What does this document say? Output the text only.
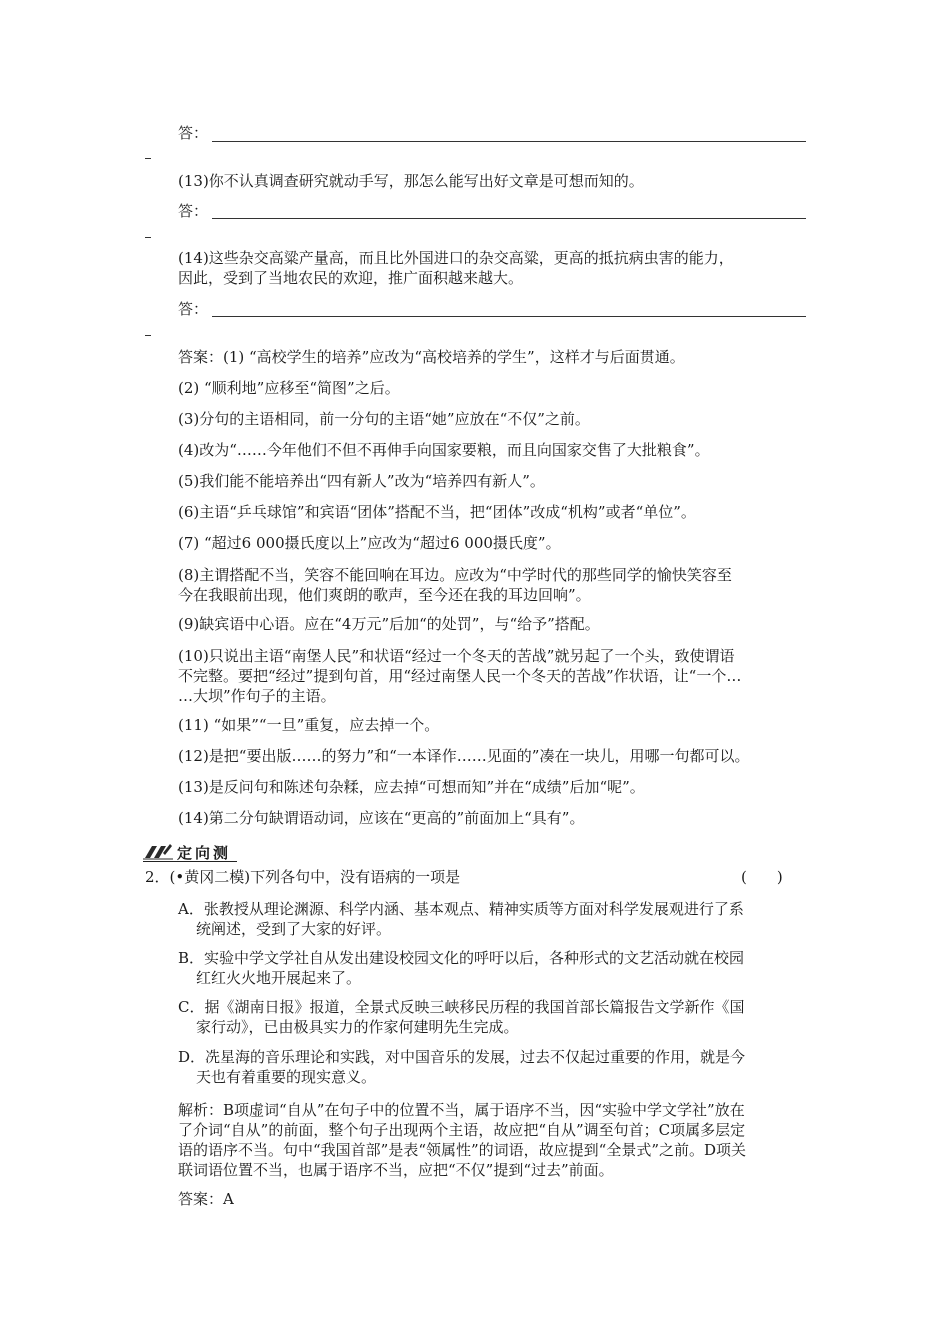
答：
(13)你不认真调查研究就动手写，那怎么能写出好文章是可想而知的。
答：
(14)这些杂交高粱产量高，而且比外国进口的杂交高粱，更高的抵抗病虫害的能力，
因此，受到了当地农民的欢迎，推广面积越来越大。
答：
答案：(1) “高校学生的培养”应改为“高校培养的学生”，这样才与后面贯通。
(2) “顺利地”应移至“简图”之后。
(3)分句的主语相同，前一分句的主语“她”应放在“不仅”之前。
(4)改为“……今年他们不但不再伸手向国家要粮，而且向国家交售了大批粮食”。
(5)我们能不能培养出“四有新人”改为“培养四有新人”。
(6)主语“乒乓球馆”和宾语“团体”搭配不当，把“团体”改成“机构”或者“单位”。
(7) “超过6 000摄氏度以上”应改为“超过6 000摄氏度”。
(8)主谓搭配不当，笑容不能回响在耳边。应改为“中学时代的那些同学的愉快笑容至
今在我眼前出现，他们爽朗的歌声，至今还在我的耳边回响”。
(9)缺宾语中心语。应在“4万元”后加“的处罚”，与“给予”搭配。
(10)只说出主语“南堡人民”和状语“经过一个冬天的苦战”就另起了一个头，致使谓语
不完整。要把“经过”提到句首，用“经过南堡人民一个冬天的苦战”作状语，让“一个…
…大坝”作句子的主语。
(11) “如果”“一旦”重复，应去掉一个。
(12)是把“要出版……的努力”和“一本译作……见面的”凑在一块儿，用哪一句都可以。
(13)是反问句和陈述句杂糅，应去掉“可想而知”并在“成绩”后加“呢”。
(14)第二分句缺谓语动词，应该在“更高的”前面加上“具有”。
定向测
2．(•黄冈二模)下列各句中，没有语病的一项是	(　　)
A．张教授从理论渊源、科学内涵、基本观点、精神实质等方面对科学发展观进行了系
统阐述，受到了大家的好评。
B．实验中学文学社自从发出建设校园文化的呼吁以后，各种形式的文艺活动就在校园
红红火火地开展起来了。
C．据《湖南日报》报道，全景式反映三峡移民历程的我国首部长篇报告文学新作《国
家行动》，已由极具实力的作家何建明先生完成。
D．冼星海的音乐理论和实践，对中国音乐的发展，过去不仅起过重要的作用，就是今
天也有着重要的现实意义。
解析：B项虚词“自从”在句子中的位置不当，属于语序不当，因“实验中学文学社”放在
了介词“自从”的前面，整个句子出现两个主语，故应把“自从”调至句首；C项属多层定
语的语序不当。句中“我国首部”是表“领属性”的词语，故应提到“全景式”之前。D项关
联词语位置不当，也属于语序不当，应把“不仅”提到“过去”前面。
答案：A
